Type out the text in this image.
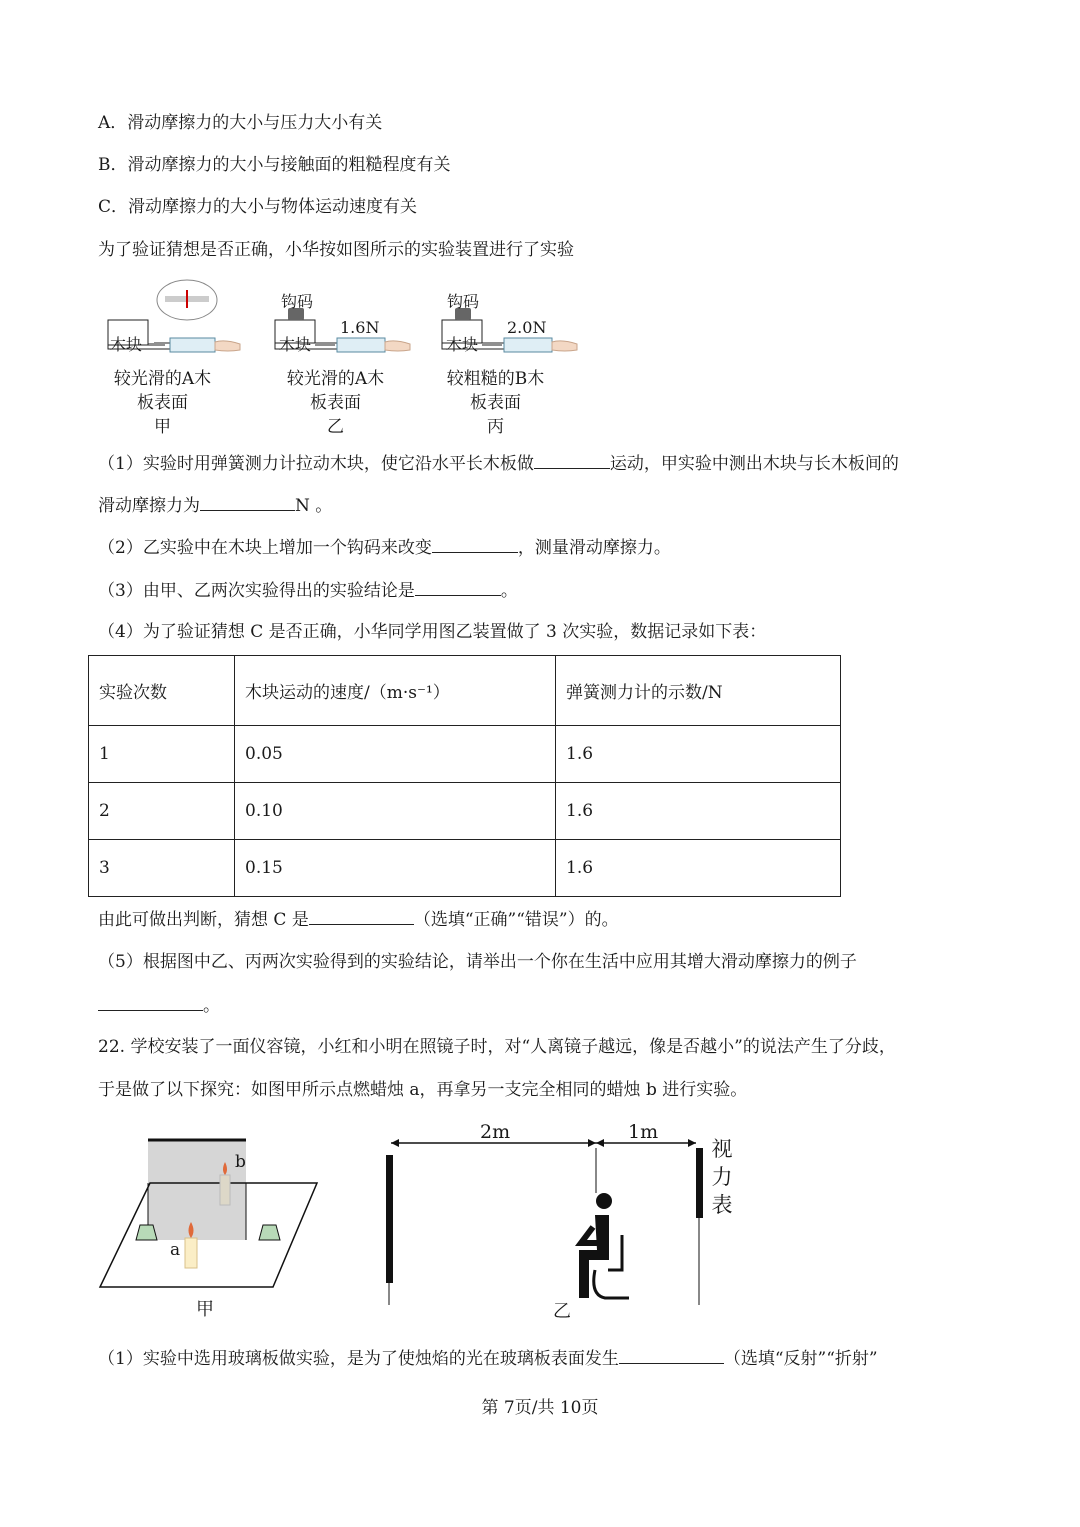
A．滑动摩擦力的大小与压力大小有关
B．滑动摩擦力的大小与接触面的粗糙程度有关
C．滑动摩擦力的大小与物体运动速度有关
为了验证猜想是否正确，小华按如图所示的实验装置进行了实验
木块	木块	木块
钩码	钩码
1.6N	2.0N
较光滑的A木
板表面
甲
较光滑的A木
板表面
乙
较粗糙的B木
板表面
丙
（1）实验时用弹簧测力计拉动木块，使它沿水平长木板做	运动，甲实验中测出木块与长木板间的
滑动摩擦力为	N 。
（2）乙实验中在木块上增加一个钩码来改变	，测量滑动摩擦力。
（3）由甲、乙两次实验得出的实验结论是	。
（4）为了验证猜想 C 是否正确，小华同学用图乙装置做了 3 次实验，数据记录如下表：
实验次数	木块运动的速度/（m·s⁻¹）	弹簧测力计的示数/N
1	0.05	1.6
2	0.10	1.6
3	0.15	1.6
由此可做出判断，猜想 C 是	（选填“正确”“错误”）的。
（5）根据图中乙、丙两次实验得到的实验结论，请举出一个你在生活中应用其增大滑动摩擦力的例子
。
22. 学校安装了一面仪容镜，小红和小明在照镜子时，对“人离镜子越远，像是否越小”的说法产生了分歧，
于是做了以下探究：如图甲所示点燃蜡烛 a，再拿另一支完全相同的蜡烛 b 进行实验。
b
a
甲	乙
2m	1m
视力表
（1）实验中选用玻璃板做实验，是为了使烛焰的光在玻璃板表面发生	（选填“反射”“折射”
第 7页/共 10页
